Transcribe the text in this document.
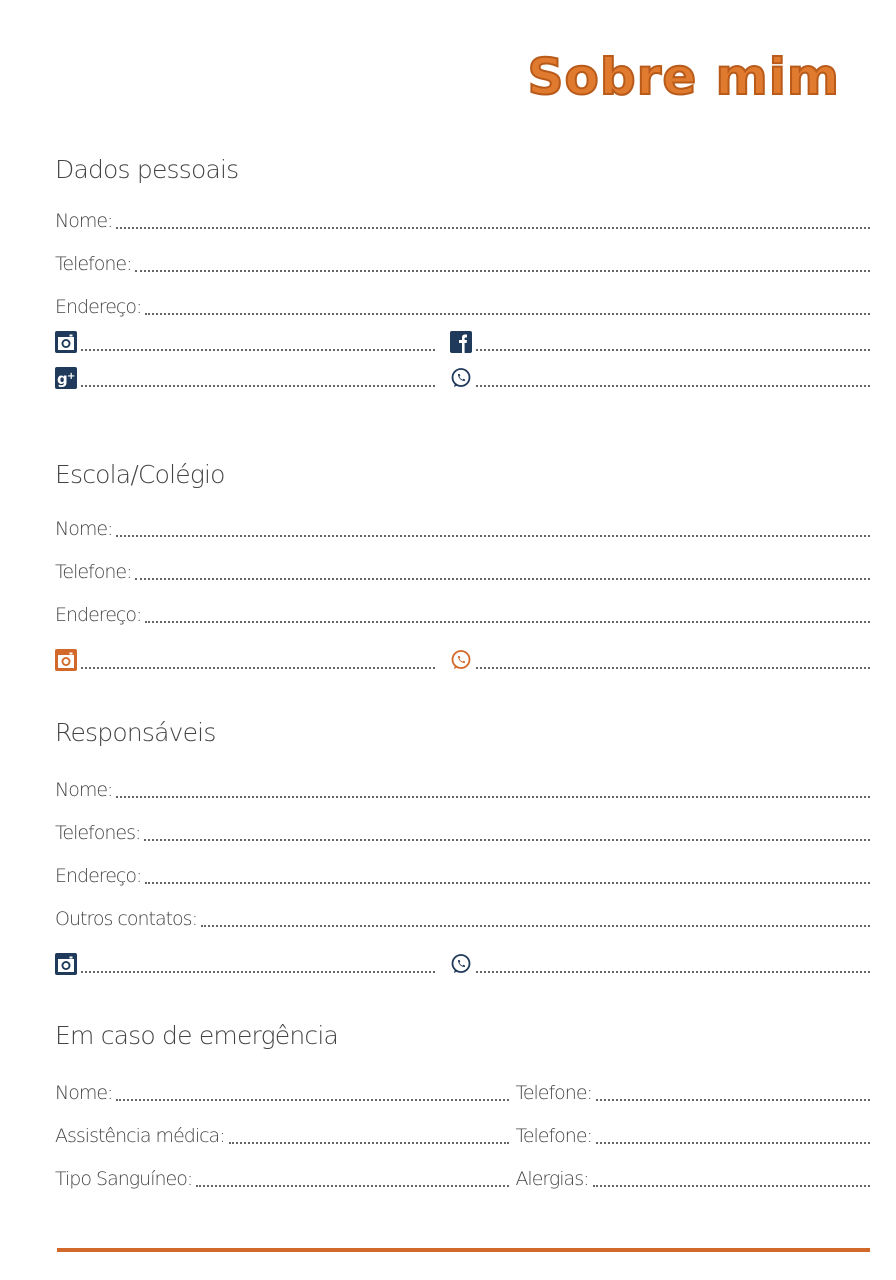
Sobre mim
Dados pessoais
Nome:
Telefone:
Endereço:
g +
Escola/Colégio
Nome:
Telefone:
Endereço:
Responsáveis
Nome:
Telefones:
Endereço:
Outros contatos:
Em caso de emergência
Nome:	Telefone:
Assistência médica:	Telefone:
Tipo Sanguíneo:	Alergias:
